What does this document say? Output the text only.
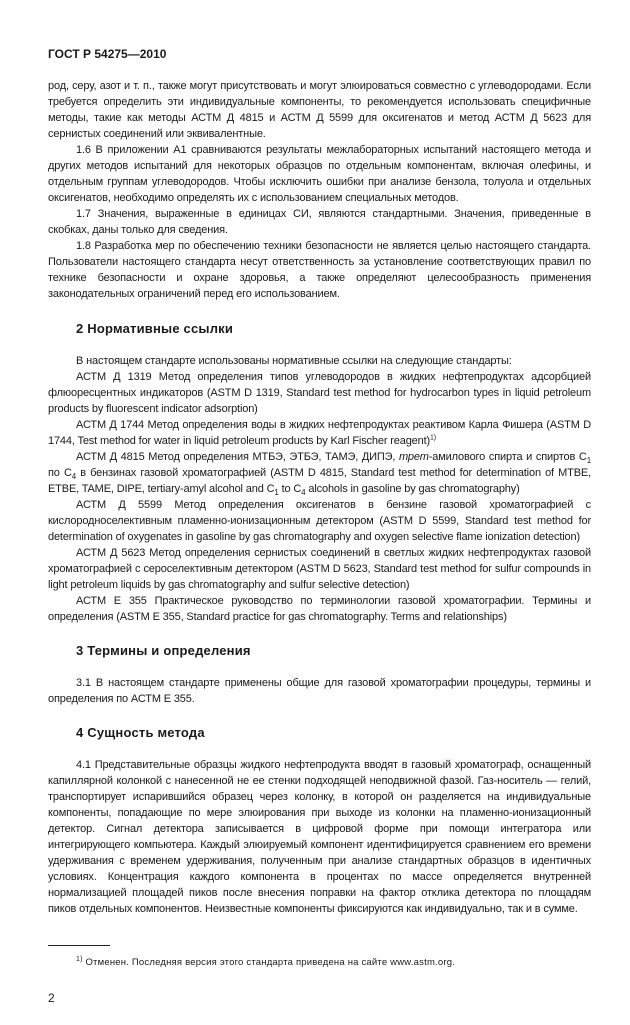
ГОСТ Р 54275—2010

род, серу, азот и т. п., также могут присутствовать и могут элюироваться совместно с углеводородами. Если требуется определить эти индивидуальные компоненты, то рекомендуется использовать специфичные методы, такие как методы АСТМ Д 4815 и АСТМ Д 5599 для оксигенатов и метод АСТМ Д 5623 для сернистых соединений или эквивалентные.

1.6 В приложении А1 сравниваются результаты межлабораторных испытаний настоящего метода и других методов испытаний для некоторых образцов по отдельным компонентам, включая олефины, и отдельным группам углеводородов. Чтобы исключить ошибки при анализе бензола, толуола и отдельных оксигенатов, необходимо определять их с использованием специальных методов.

1.7 Значения, выраженные в единицах СИ, являются стандартными. Значения, приведенные в скобках, даны только для сведения.

1.8 Разработка мер по обеспечению техники безопасности не является целью настоящего стандарта. Пользователи настоящего стандарта несут ответственность за установление соответствующих правил по технике безопасности и охране здоровья, а также определяют целесообразность применения законодательных ограничений перед его использованием.

2 Нормативные ссылки

В настоящем стандарте использованы нормативные ссылки на следующие стандарты:

АСТМ Д 1319 Метод определения типов углеводородов в жидких нефтепродуктах адсорбцией флюоресцентных индикаторов (ASTM D 1319, Standard test method for hydrocarbon types in liquid petroleum products by fluorescent indicator adsorption)

АСТМ Д 1744 Метод определения воды в жидких нефтепродуктах реактивом Карла Фишера (ASTM D 1744, Test method for water in liquid petroleum products by Karl Fischer reagent)$^{1)}$

АСТМ Д 4815 Метод определения МТБЭ, ЭТБЭ, ТАМЭ, ДИПЭ, трет-амилового спирта и спиртов $C_1$ по $C_4$ в бензинах газовой хроматографией (ASTM D 4815, Standard test method for determination of MTBE, ETBE, TAME, DIPE, tertiary-amyl alcohol and $C_1$ to $C_4$ alcohols in gasoline by gas chromatography)

АСТМ Д 5599 Метод определения оксигенатов в бензине газовой хроматографией с кислородноселективным пламенно-ионизационным детектором (ASTM D 5599, Standard test method for determination of oxygenates in gasoline by gas chromatography and oxygen selective flame ionization detection)

АСТМ Д 5623 Метод определения сернистых соединений в светлых жидких нефтепродуктах газовой хроматографией с сероселективным детектором (ASTM D 5623, Standard test method for sulfur compounds in light petroleum liquids by gas chromatography and sulfur selective detection)

АСТМ Е 355 Практическое руководство по терминологии газовой хроматографии. Термины и определения (ASTM E 355, Standard practice for gas chromatography. Terms and relationships)

3 Термины и определения

3.1 В настоящем стандарте применены общие для газовой хроматографии процедуры, термины и определения по АСТМ Е 355.

4 Сущность метода

4.1 Представительные образцы жидкого нефтепродукта вводят в газовый хроматограф, оснащенный капиллярной колонкой с нанесенной не ее стенки подходящей неподвижной фазой. Газ-носитель — гелий, транспортирует испарившийся образец через колонку, в которой он разделяется на индивидуальные компоненты, попадающие по мере элюирования при выходе из колонки на пламенно-ионизационный детектор. Сигнал детектора записывается в цифровой форме при помощи интегратора или интегрирующего компьютера. Каждый элюируемый компонент идентифицируется сравнением его времени удерживания с временем удерживания, полученным при анализе стандартных образцов в идентичных условиях. Концентрация каждого компонента в процентах по массе определяется внутренней нормализацией площадей пиков после внесения поправки на фактор отклика детектора по площадям пиков отдельных компонентов. Неизвестные компоненты фиксируются как индивидуально, так и в сумме.

$^{1)}$ Отменен. Последняя версия этого стандарта приведена на сайте www.astm.org.
2
